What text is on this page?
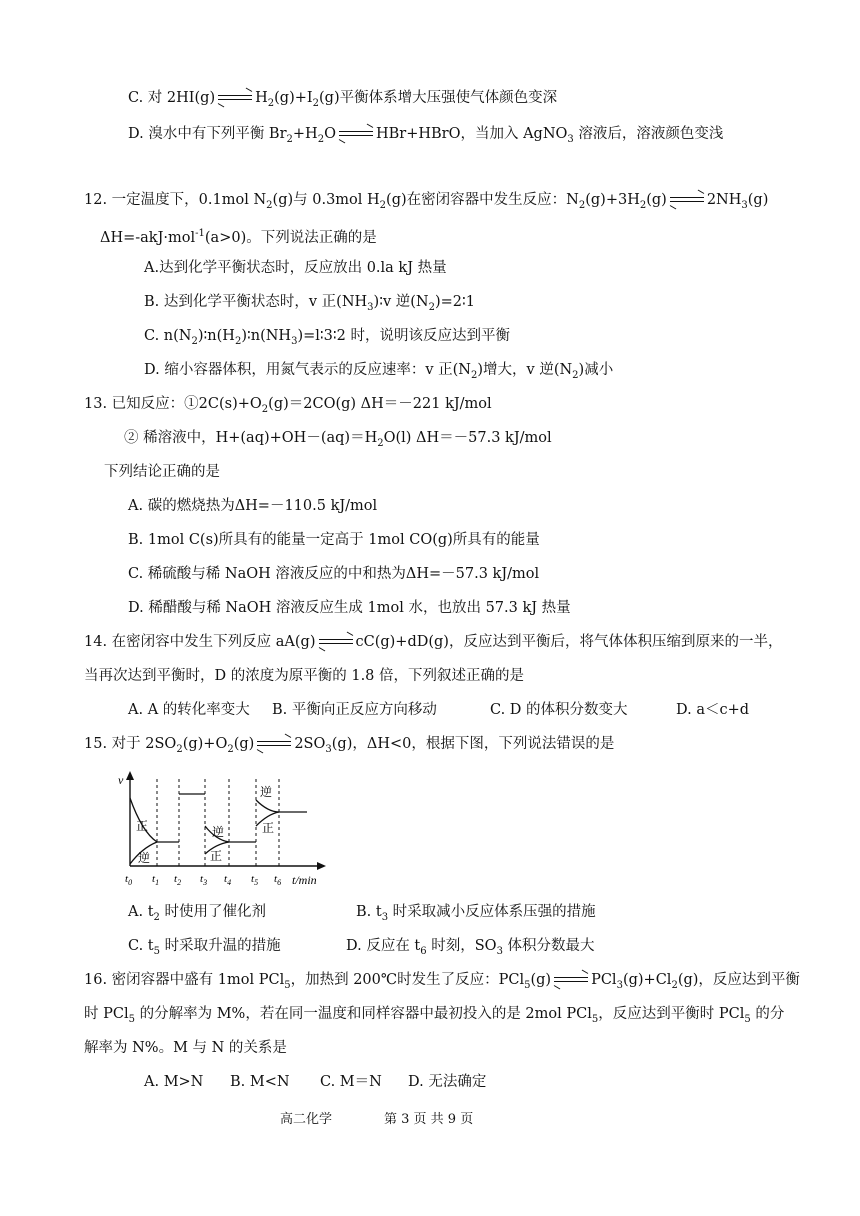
C. 对 2HI(g)	$H_2(g)+I_2(g)$平衡体系增大压强使气体颜色变深
D. 溴水中有下列平衡 $Br_2+H_2O$	HBr+HBrO，当加入 AgNO$_3$ 溶液后，溶液颜色变浅
12. 一定温度下，0.1mol $N_2(g)$与 0.3mol $H_2(g)$在密闭容器中发生反应：$N_2(g)+3H_2(g)$	$2NH_3(g)$
ΔH=-akJ·mol$^{-1}$(a>0)。下列说法正确的是
A.达到化学平衡状态时，反应放出 0.la kJ 热量
B. 达到化学平衡状态时，v 正$(NH_3)∶v$ 逆$(N_2)=2∶1$
C. $n(N_2)∶n(H_2)∶n(NH_3)=l∶3∶2$ 时，说明该反应达到平衡
D. 缩小容器体积，用氮气表示的反应速率：v 正$(N_2)$增大，v 逆$(N_2)$减小
13. 已知反应：$①2C(s)+O_2(g)=2CO(g)$ ΔH＝－221 kJ/mol
② 稀溶液中，$H+(aq)+OH-(aq)=H_2O(l)$ ΔH＝－57.3 kJ/mol
下列结论正确的是
A. 碳的燃烧热为ΔH=－110.5 kJ/mol
B. 1mol C(s)所具有的能量一定高于 1mol CO(g)所具有的能量
C. 稀硫酸与稀 NaOH 溶液反应的中和热为ΔH=－57.3 kJ/mol
D. 稀醋酸与稀 NaOH 溶液反应生成 1mol 水，也放出 57.3 kJ 热量
14. 在密闭容中发生下列反应 aA(g)	cC(g)+dD(g)，反应达到平衡后，将气体体积压缩到原来的一半，
当再次达到平衡时，D 的浓度为原平衡的 1.8 倍，下列叙述正确的是
A. A 的转化率变大 B. 平衡向正反应方向移动	C. D 的体积分数变大	D. a＜c+d
15. 对于 $2SO_2(g)+O_2(g)$	$2SO_3(g)$，ΔH<0，根据下图，下列说法错误的是
v
正
逆
逆
正
逆
正
$t_0$ $t_1$ $t_2$ $t_3$ $t_4$ $t_5$ $t_6$ t/min
A. $t_2$ 时使用了催化剂	B. $t_3$ 时采取减小反应体系压强的措施
C. $t_5$ 时采取升温的措施	D. 反应在 $t_6$ 时刻，$SO_3$ 体积分数最大
16. 密闭容器中盛有 1mol PCl$_5$，加热到 200℃时发生了反应：PCl$_5$(g)	$PCl_3(g)+Cl_2(g)$，反应达到平衡
时 PCl$_5$ 的分解率为 M%，若在同一温度和同样容器中最初投入的是 2mol PCl$_5$，反应达到平衡时 PCl$_5$ 的分
解率为 N%。M 与 N 的关系是
A. M>N B. M<N C. M＝N D. 无法确定
高二化学	第 3 页 共 9 页
